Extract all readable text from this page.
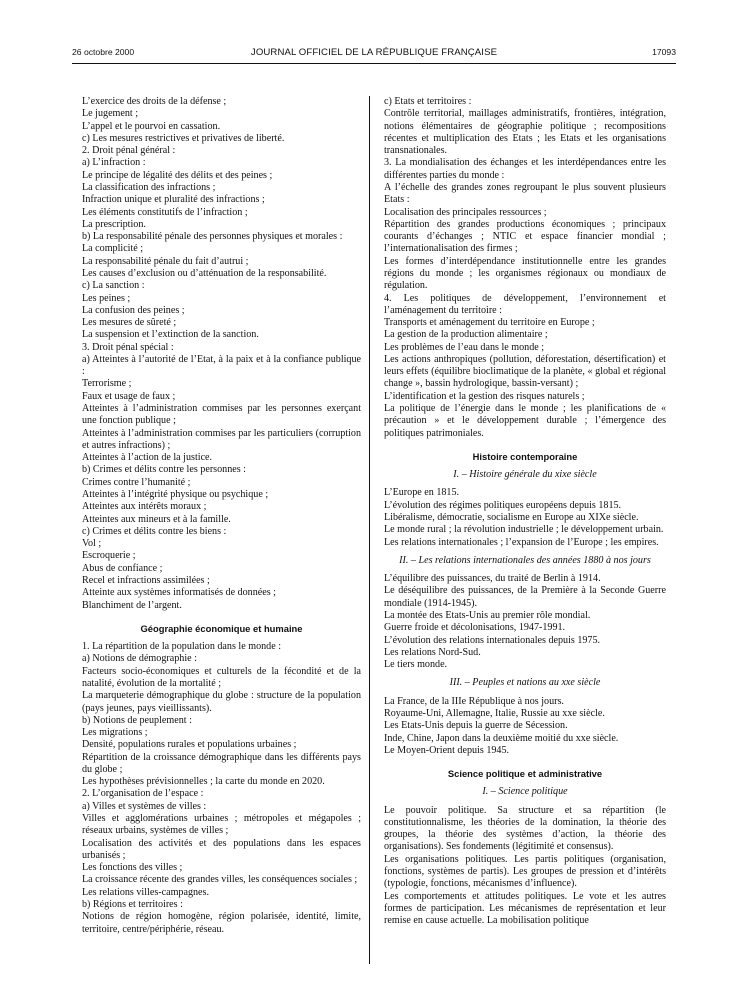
26 octobre 2000	JOURNAL OFFICIEL DE LA RÉPUBLIQUE FRANÇAISE	17093

L’exercice des droits de la défense ;

Le jugement ;

L’appel et le pourvoi en cassation.

c) Les mesures restrictives et privatives de liberté.

2. Droit pénal général :

a) L’infraction :

Le principe de légalité des délits et des peines ;

La classification des infractions ;

Infraction unique et pluralité des infractions ;

Les éléments constitutifs de l’infraction ;

La prescription.

b) La responsabilité pénale des personnes physiques et morales :

La complicité ;

La responsabilité pénale du fait d’autrui ;

Les causes d’exclusion ou d’atténuation de la responsabilité.

c) La sanction :

Les peines ;

La confusion des peines ;

Les mesures de sûreté ;

La suspension et l’extinction de la sanction.

3. Droit pénal spécial :

a) Atteintes à l’autorité de l’Etat, à la paix et à la confiance publique :

Terrorisme ;

Faux et usage de faux ;

Atteintes à l’administration commises par les personnes exerçant une fonction publique ;

Atteintes à l’administration commises par les particuliers (corruption et autres infractions) ;

Atteintes à l’action de la justice.

b) Crimes et délits contre les personnes :

Crimes contre l’humanité ;

Atteintes à l’intégrité physique ou psychique ;

Atteintes aux intérêts moraux ;

Atteintes aux mineurs et à la famille.

c) Crimes et délits contre les biens :

Vol ;

Escroquerie ;

Abus de confiance ;

Recel et infractions assimilées ;

Atteinte aux systèmes informatisés de données ;

Blanchiment de l’argent.

Géographie économique et humaine

1. La répartition de la population dans le monde :

a) Notions de démographie :

Facteurs socio-économiques et culturels de la fécondité et de la natalité, évolution de la mortalité ;

La marqueterie démographique du globe : structure de la population (pays jeunes, pays vieillissants).

b) Notions de peuplement :

Les migrations ;

Densité, populations rurales et populations urbaines ;

Répartition de la croissance démographique dans les différents pays du globe ;

Les hypothèses prévisionnelles ; la carte du monde en 2020.

2. L’organisation de l’espace :

a) Villes et systèmes de villes :

Villes et agglomérations urbaines ; métropoles et mégapoles ; réseaux urbains, systèmes de villes ;

Localisation des activités et des populations dans les espaces urbanisés ;

Les fonctions des villes ;

La croissance récente des grandes villes, les conséquences sociales ;

Les relations villes-campagnes.

b) Régions et territoires :

Notions de région homogène, région polarisée, identité, limite, territoire, centre/périphérie, réseau.

c) Etats et territoires :

Contrôle territorial, maillages administratifs, frontières, intégration, notions élémentaires de géographie politique ; recompositions récentes et multiplication des Etats ; les Etats et les organisations transnationales.

3. La mondialisation des échanges et les interdépendances entre les différentes parties du monde :

A l’échelle des grandes zones regroupant le plus souvent plusieurs Etats :

Localisation des principales ressources ;

Répartition des grandes productions économiques ; principaux courants d’échanges ; NTIC et espace financier mondial ; l’internationalisation des firmes ;

Les formes d’interdépendance institutionnelle entre les grandes régions du monde ; les organismes régionaux ou mondiaux de régulation.

4. Les politiques de développement, l’environnement et l’aménagement du territoire :

Transports et aménagement du territoire en Europe ;

La gestion de la production alimentaire ;

Les problèmes de l’eau dans le monde ;

Les actions anthropiques (pollution, déforestation, désertification) et leurs effets (équilibre bioclimatique de la planète, « global et régional change », bassin hydrologique, bassin-versant) ;

L’identification et la gestion des risques naturels ;

La politique de l’énergie dans le monde ; les planifications de « précaution » et le développement durable ; l’émergence des politiques patrimoniales.

Histoire contemporaine

I. – Histoire générale du xixe siècle

L’Europe en 1815.

L’évolution des régimes politiques européens depuis 1815.

Libéralisme, démocratie, socialisme en Europe au XIXe siècle.

Le monde rural ; la révolution industrielle ; le développement urbain.

Les relations internationales ; l’expansion de l’Europe ; les empires.

II. – Les relations internationales des années 1880 à nos jours

L’équilibre des puissances, du traité de Berlin à 1914.

Le déséquilibre des puissances, de la Première à la Seconde Guerre mondiale (1914-1945).

La montée des Etats-Unis au premier rôle mondial.

Guerre froide et décolonisations, 1947-1991.

L’évolution des relations internationales depuis 1975.

Les relations Nord-Sud.

Le tiers monde.

III. – Peuples et nations au xxe siècle

La France, de la IIIe République à nos jours.

Royaume-Uni, Allemagne, Italie, Russie au xxe siècle.

Les Etats-Unis depuis la guerre de Sécession.

Inde, Chine, Japon dans la deuxième moitié du xxe siècle.

Le Moyen-Orient depuis 1945.

Science politique et administrative

I. – Science politique

Le pouvoir politique. Sa structure et sa répartition (le constitutionnalisme, les théories de la domination, la théorie des groupes, la théorie des systèmes d’action, la théorie des organisations). Ses fondements (légitimité et consensus).

Les organisations politiques. Les partis politiques (organisation, fonctions, systèmes de partis). Les groupes de pression et d’intérêts (typologie, fonctions, mécanismes d’influence).

Les comportements et attitudes politiques. Le vote et les autres formes de participation. Les mécanismes de représentation et leur remise en cause actuelle. La mobilisation politique
